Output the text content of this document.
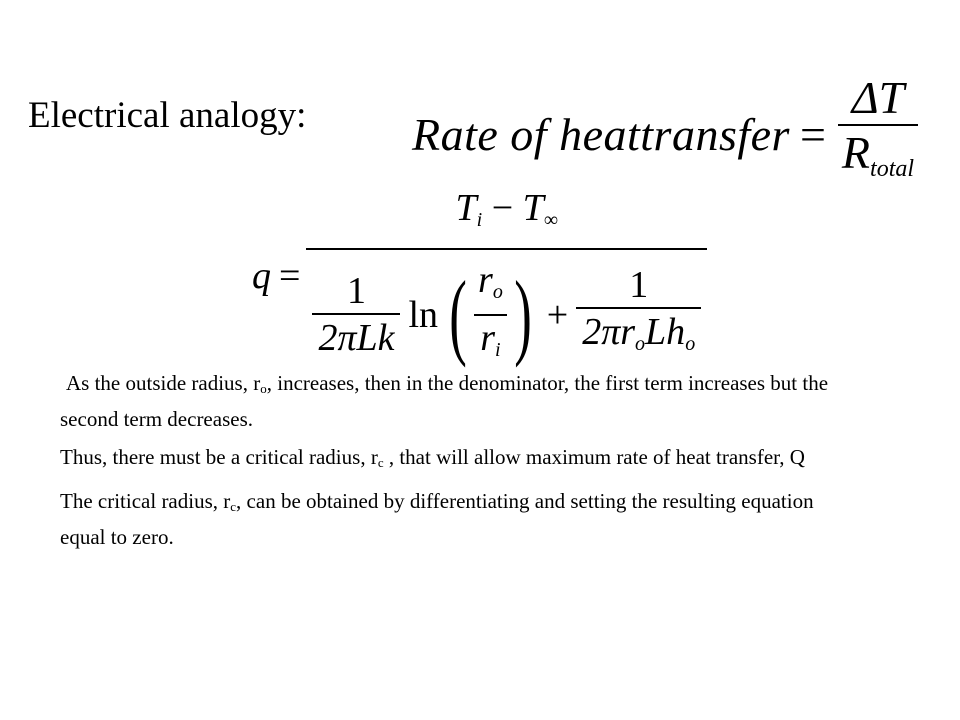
Electrical analogy: Rate of heattransfer = $\frac{\Delta T}{R_{total}}$
q =
$T_i - T_\infty$
$\frac{1}{\text{2πLk}}$ ln ( $\frac{r_o}{r_i}$ ) + $\frac{1}{2\pi r_oLh_o}$

As the outside radius, $r_o$, increases, then in the denominator, the first term increases but the second term decreases.

Thus, there must be a critical radius, $r_c$ , that will allow maximum rate of heat transfer, Q

The critical radius, $r_c$, can be obtained by differentiating and setting the resulting equation equal to zero.
